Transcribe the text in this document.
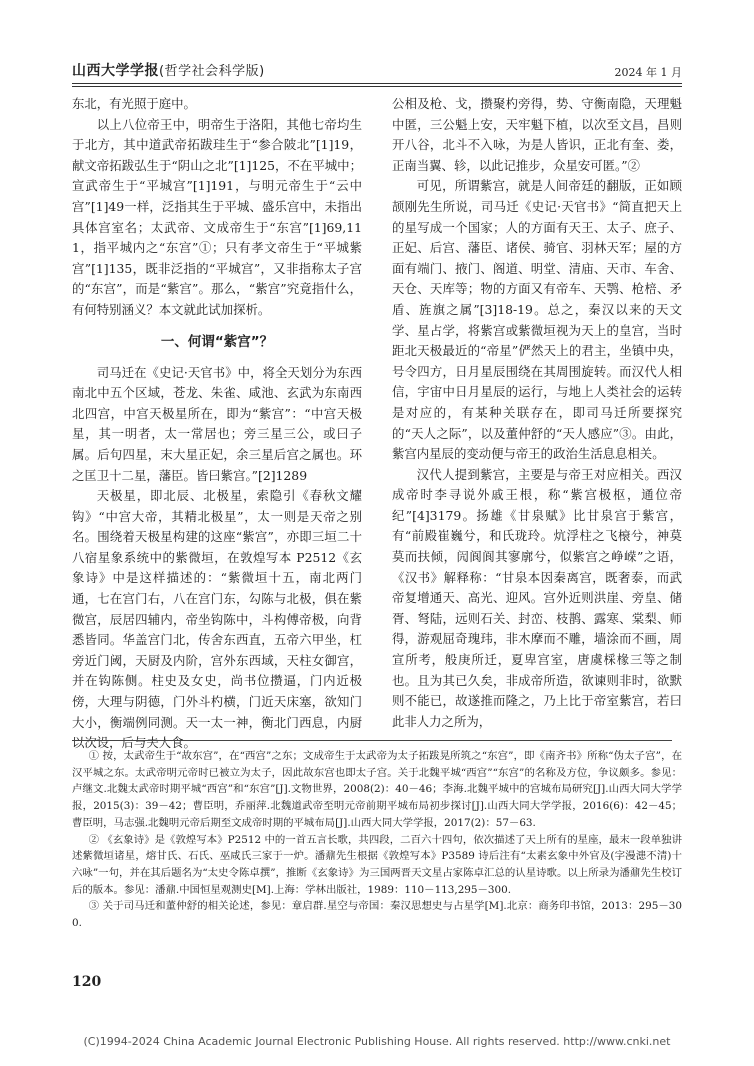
山西大学学报(哲学社会科学版)	2024 年 1 月

东北，有光照于庭中。

以上八位帝王中，明帝生于洛阳，其他七帝均生于北方，其中道武帝拓跋珪生于“参合陂北”[1]19，献文帝拓跋弘生于“阴山之北”[1]125，不在平城中；宣武帝生于“平城宫”[1]191，与明元帝生于“云中宫”[1]49一样，泛指其生于平城、盛乐宫中，未指出具体宫室名；太武帝、文成帝生于“东宫”[1]69,111，指平城内之“东宫”①；只有孝文帝生于“平城紫宫”[1]135，既非泛指的“平城宫”，又非指称太子宫的“东宫”，而是“紫宫”。那么，“紫宫”究竟指什么，有何特别涵义？本文就此试加探析。

一、何谓“紫宫”？

司马迁在《史记·天官书》中，将全天划分为东西南北中五个区域，苍龙、朱雀、咸池、玄武为东南西北四宫，中宫天极星所在，即为“紫宫”：“中宫天极星，其一明者，太一常居也；旁三星三公，或曰子属。后句四星，末大星正妃，余三星后宫之属也。环之匡卫十二星，藩臣。皆曰紫宫。”[2]1289

天极星，即北辰、北极星，索隐引《春秋文耀钩》“中宫大帝，其精北极星”，太一则是天帝之别名。围绕着天极星构建的这座“紫宫”，亦即三垣二十八宿星象系统中的紫微垣，在敦煌写本 P2512《玄象诗》中是这样描述的：“紫微垣十五，南北两门通，七在宫门右，八在宫门东，勾陈与北极，俱在紫微宫，辰居四辅内，帝坐钩陈中，斗构傅帝极，向背悉皆同。华盖宫门北，传舍东西直，五帝六甲坐，杠旁近门阈，天厨及内阶，宫外东西域，天柱女御宫，并在钩陈侧。柱史及女史，尚书位攒逼，门内近极傍，大理与阴德，门外斗杓横，门近天床塞，欲知门大小，衡端例同测。天一太一神，衡北门西息，内厨以次设，后与夫人食。

公相及枪、戈，攒聚杓旁得，势、守衡南隐，天理魁中匿，三公魁上安，天牢魁下植，以次至文昌，昌则开八谷，北斗不入咏，为是人皆识，正北有奎、娄，正南当翼、轸，以此记推步，众星安可匿。”②

可见，所谓紫宫，就是人间帝廷的翻版，正如顾颉刚先生所说，司马迁《史记·天官书》“简直把天上的星写成一个国家；人的方面有天王、太子、庶子、正妃、后宫、藩臣、诸侯、骑官、羽林天军；屋的方面有端门、掖门、阁道、明堂、清庙、天市、车舍、天仓、天库等；物的方面又有帝车、天鹗、枪棓、矛盾、旌旗之属”[3]18-19。总之，秦汉以来的天文学、星占学，将紫宫或紫微垣视为天上的皇宫，当时距北天极最近的“帝星”俨然天上的君主，坐镇中央，号令四方，日月星辰围绕在其周围旋转。而汉代人相信，宇宙中日月星辰的运行，与地上人类社会的运转是对应的，有某种关联存在，即司马迁所要探究的“天人之际”，以及董仲舒的“天人感应”③。由此，紫宫内星辰的变动便与帝王的政治生活息息相关。

汉代人提到紫宫，主要是与帝王对应相关。西汉成帝时李寻说外戚王根，称“紫宫极枢，通位帝纪”[4]3179。扬雄《甘泉赋》比甘泉宫于紫宫，有“前殿崔巍兮，和氏珑玲。炕浮柱之飞榱兮，神莫莫而扶倾，闶阆阆其寥廓兮，似紫宫之峥嵘”之语，《汉书》解释称：“甘泉本因秦离宫，既奢泰，而武帝复增通天、高光、迎风。宫外近则洪崖、旁皇、储胥、弩陆，远则石关、封峦、枝鹊、露寒、棠梨、师得，游观屈奇瑰玮，非木摩而不雕，墙涂而不画，周宣所考，般庚所迁，夏卑宫室，唐虞棌椽三等之制也。且为其已久矣，非成帝所造，欲谏则非时，欲默则不能已，故遂推而隆之，乃上比于帝室紫宫，若曰此非人力之所为，

① 按，太武帝生于“故东宫”，在“西宫”之东；文成帝生于太武帝为太子拓跋晃所筑之“东宫”，即《南齐书》所称“伪太子宫”，在汉平城之东。太武帝明元帝时已被立为太子，因此故东宫也即太子宫。关于北魏平城“西宫”“东宫”的名称及方位，争议颇多。参见：卢继文.北魏太武帝时期平城“西宫”和“东宫”[J].文物世界，2008(2)：40－46；李海.北魏平城中的宫城布局研究[J].山西大同大学学报，2015(3)：39－42；曹臣明，乔丽萍.北魏道武帝至明元帝前期平城布局初步探讨[J].山西大同大学学报，2016(6)：42－45；曹臣明，马志强.北魏明元帝后期至文成帝时期的平城布局[J].山西大同大学学报，2017(2)：57－63.

② 《玄象诗》是《敦煌写本》P2512 中的一首五言长歌，共四段，二百六十四句，依次描述了天上所有的星座，最末一段单独讲述紫微垣诸星，熔甘氏、石氏、巫咸氏三家于一炉。潘鼐先生根据《敦煌写本》P3589 诗后注有“太素玄象中外官及(字漫漶不清)十六咏”一句，并在其后题名为“太史令陈卓撰”，推断《玄象诗》为三国两晋天文星占家陈卓汇总的认星诗歌。以上所录为潘鼐先生校订后的版本。参见：潘鼐.中国恒星观测史[M].上海：学林出版社，1989：110－113,295－300.

③ 关于司马迁和董仲舒的相关论述，参见：章启群.星空与帝国：秦汉思想史与占星学[M].北京：商务印书馆，2013：295－300.

120
(C)1994-2024 China Academic Journal Electronic Publishing House. All rights reserved. http://www.cnki.net
